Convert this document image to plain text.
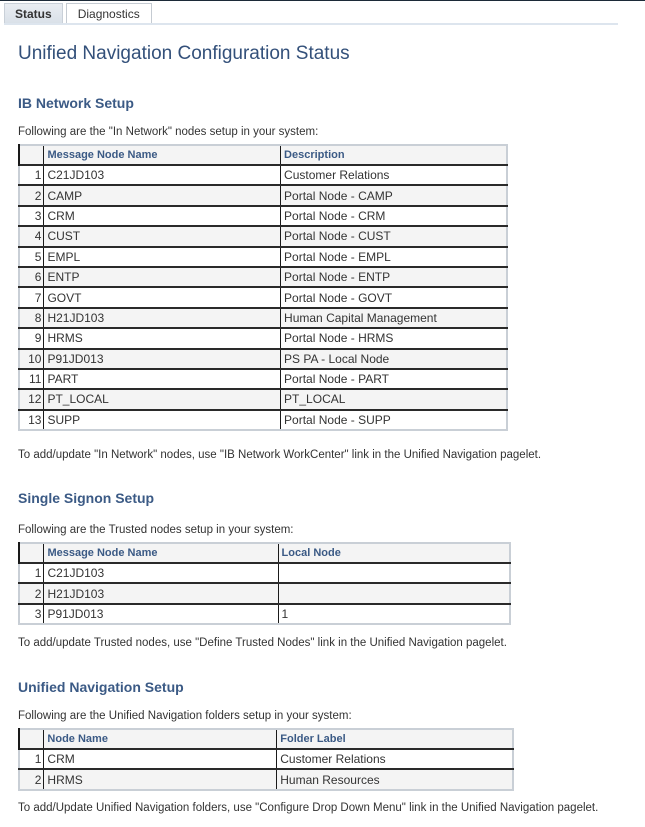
Status	Diagnostics
Unified Navigation Configuration Status
IB Network Setup
Following are the "In Network" nodes setup in your system:
	Message Node Name	Description
1	C21JD103	Customer Relations
2	CAMP	Portal Node - CAMP
3	CRM	Portal Node - CRM
4	CUST	Portal Node - CUST
5	EMPL	Portal Node - EMPL
6	ENTP	Portal Node - ENTP
7	GOVT	Portal Node - GOVT
8	H21JD103	Human Capital Management
9	HRMS	Portal Node - HRMS
10	P91JD013	PS PA - Local Node
11	PART	Portal Node - PART
12	PT_LOCAL	PT_LOCAL
13	SUPP	Portal Node - SUPP
To add/update "In Network" nodes, use "IB Network WorkCenter" link in the Unified Navigation pagelet.
Single Signon Setup
Following are the Trusted nodes setup in your system:
	Message Node Name	Local Node
1	C21JD103	
2	H21JD103	
3	P91JD013	1
To add/update Trusted nodes, use "Define Trusted Nodes" link in the Unified Navigation pagelet.
Unified Navigation Setup
Following are the Unified Navigation folders setup in your system:
	Node Name	Folder Label
1	CRM	Customer Relations
2	HRMS	Human Resources
To add/Update Unified Navigation folders, use "Configure Drop Down Menu" link in the Unified Navigation pagelet.
